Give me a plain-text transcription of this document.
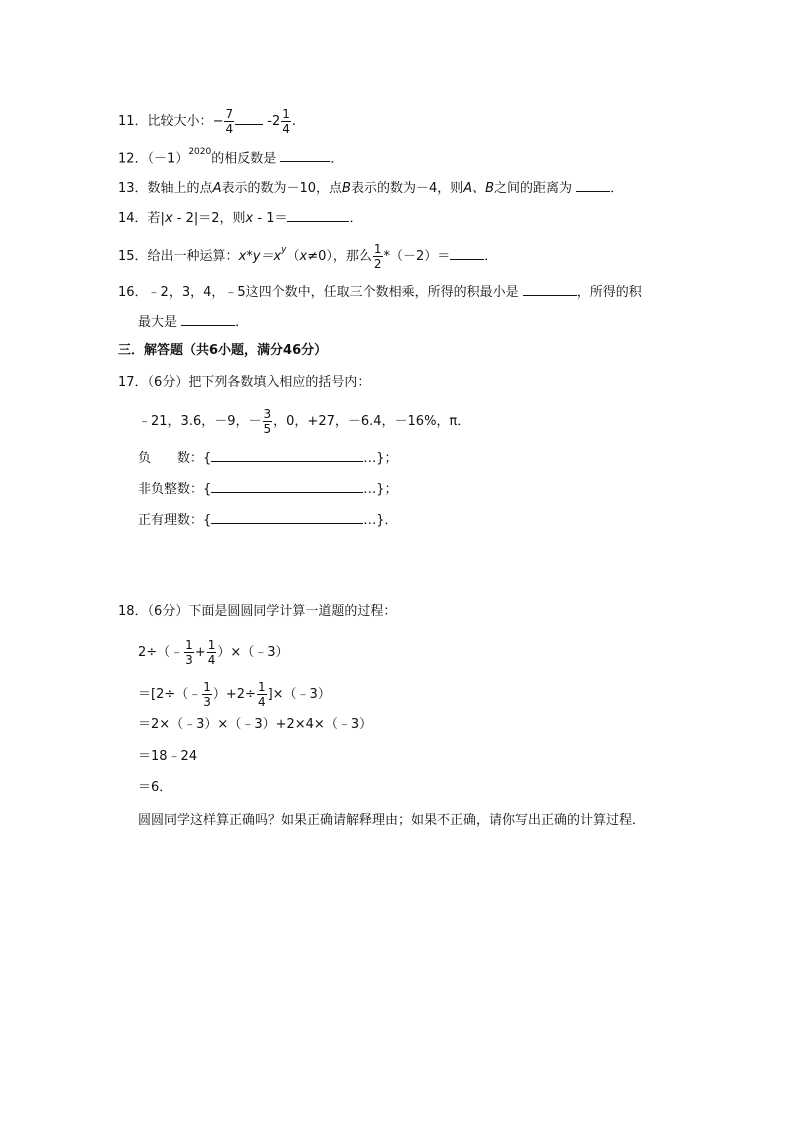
11．比较大小：− $\frac{7}{4}$	$-2 \frac{1}{4}$ .
12．$(-1)^{2020}$的相反数是	．
13．数轴上的点A表示的数为－10，点B表示的数为－4，则A、B之间的距离为	．
14．若|x - 2|＝2，则x - 1＝	．
15．给出一种运算：$x*y=x^y(x\ne 0)$，那么 $\frac{1}{2} *(-2)=$	．
16．﹣2，3，4，﹣5这四个数中，任取三个数相乘，所得的积最小是	，所得的积
最大是	．
三．解答题（共6小题，满分46分）
17．（6分）把下列各数填入相应的括号内：
﹣21，3.6，－9，－ $\frac{3}{5}$ ，0，+27，－6.4，－16%，π．
负　　数：{	…}；
非负整数：{	…}；
正有理数：{	…}．
18．（6分）下面是圆圆同学计算一道题的过程：
2÷（﹣ $\frac{1}{3} + \frac{1}{4}$ ）×（﹣3）
＝[2÷（﹣ $\frac{1}{3} )+2\div \frac{1}{4}$ ]×（﹣3）
＝2×（﹣3）×（﹣3）+2×4×（﹣3）
＝18﹣24
＝6．
圆圆同学这样算正确吗？如果正确请解释理由；如果不正确，请你写出正确的计算过程．
